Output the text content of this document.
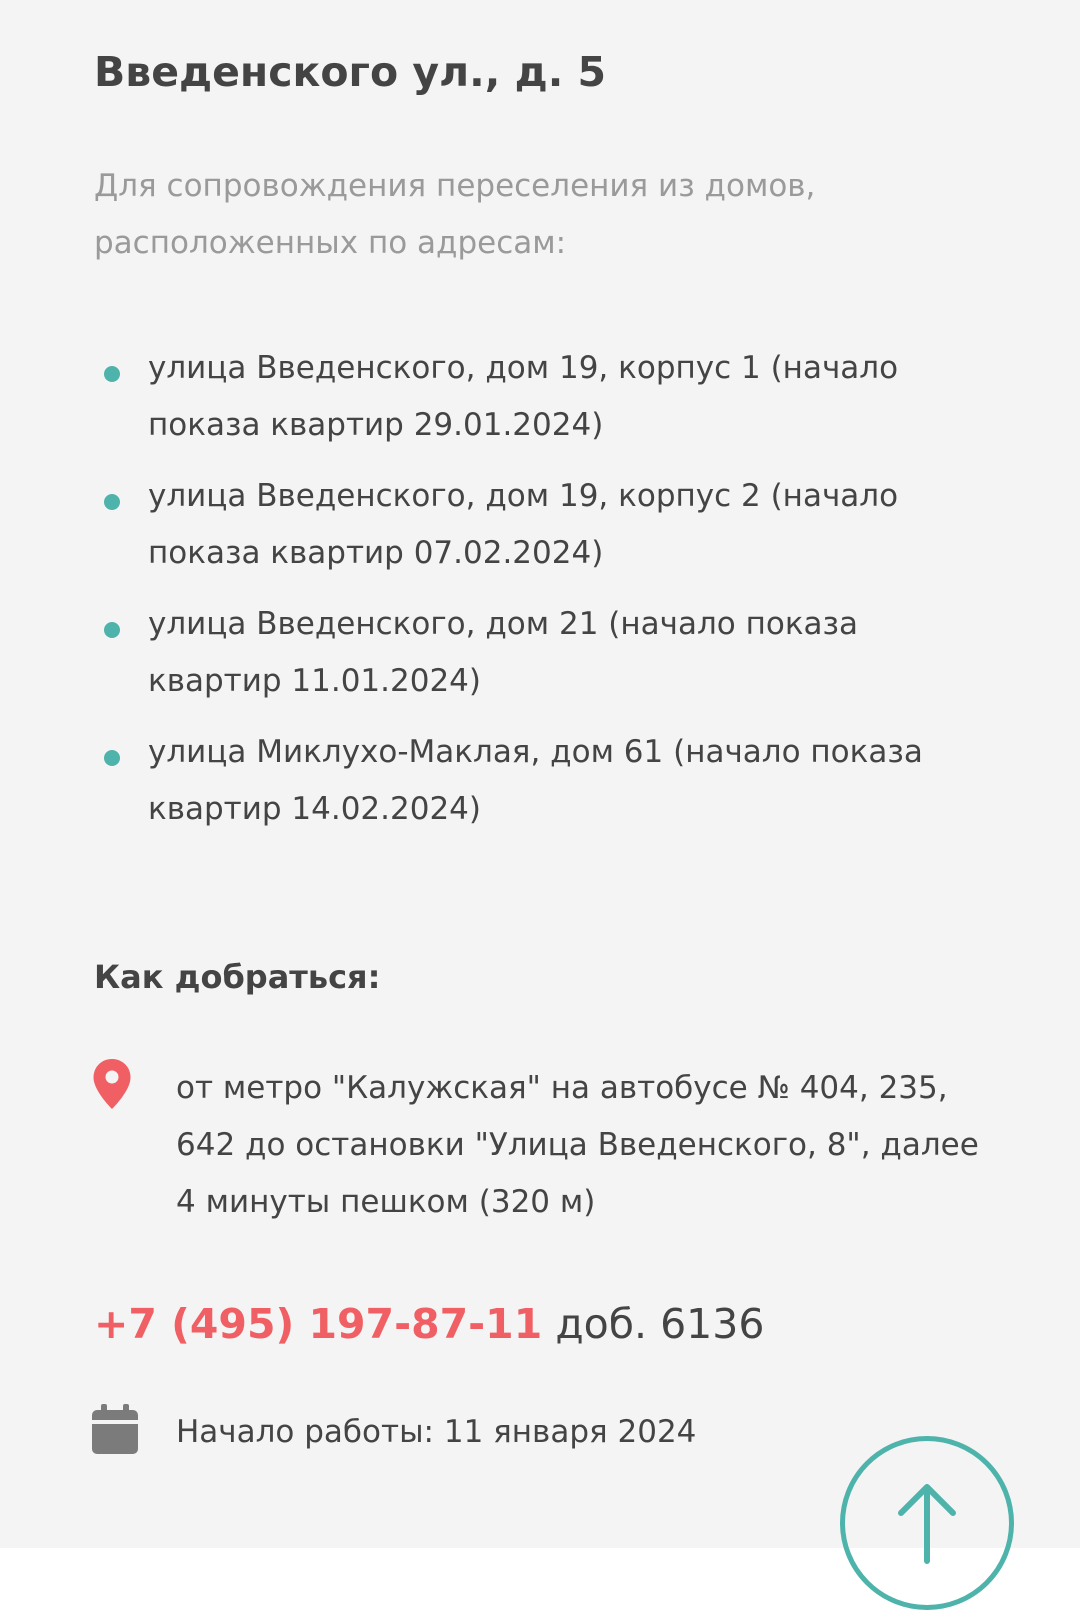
Введенского ул., д. 5

Для сопровождения переселения из домов, расположенных по адресам:

улица Введенского, дом 19, корпус 1 (начало показа квартир 29.01.2024)
улица Введенского, дом 19, корпус 2 (начало показа квартир 07.02.2024)
улица Введенского, дом 21 (начало показа квартир 11.01.2024)
улица Миклухо-Маклая, дом 61 (начало показа квартир 14.02.2024)
Как добраться:

от метро "Калужская" на автобусе № 404, 235, 642 до остановки "Улица Введенского, 8", далее 4 минуты пешком (320 м)

+7 (495) 197-87-11 доб. 6136

Начало работы: 11 января 2024
